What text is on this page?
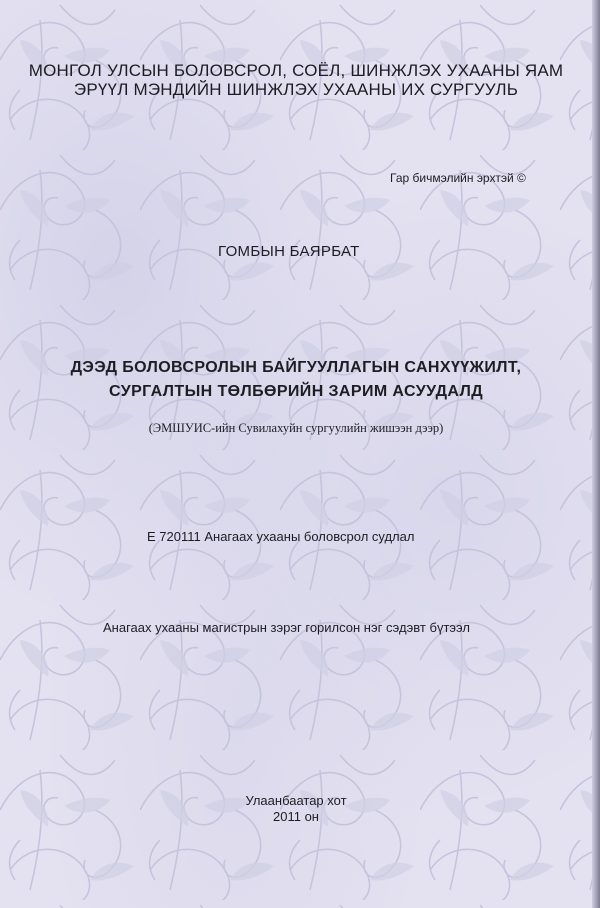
МОНГОЛ УЛСЫН БОЛОВСРОЛ, СОЁЛ, ШИНЖЛЭХ УХААНЫ ЯАМ

ЭРҮҮЛ МЭНДИЙН ШИНЖЛЭХ УХААНЫ ИХ СУРГУУЛЬ

Гар бичмэлийн эрхтэй ©

ГОМБЫН БАЯРБАТ

ДЭЭД БОЛОВСРОЛЫН БАЙГУУЛЛАГЫН САНХҮҮЖИЛТ,

СУРГАЛТЫН ТӨЛБӨРИЙН ЗАРИМ АСУУДАЛД

(ЭМШУИС-ийн Сувилахуйн сургуулийн жишээн дээр)

Е 720111 Анагаах ухааны боловсрол судлал

Анагаах ухааны магистрын зэрэг горилсон нэг сэдэвт бүтээл

Улаанбаатар хот

2011 он
